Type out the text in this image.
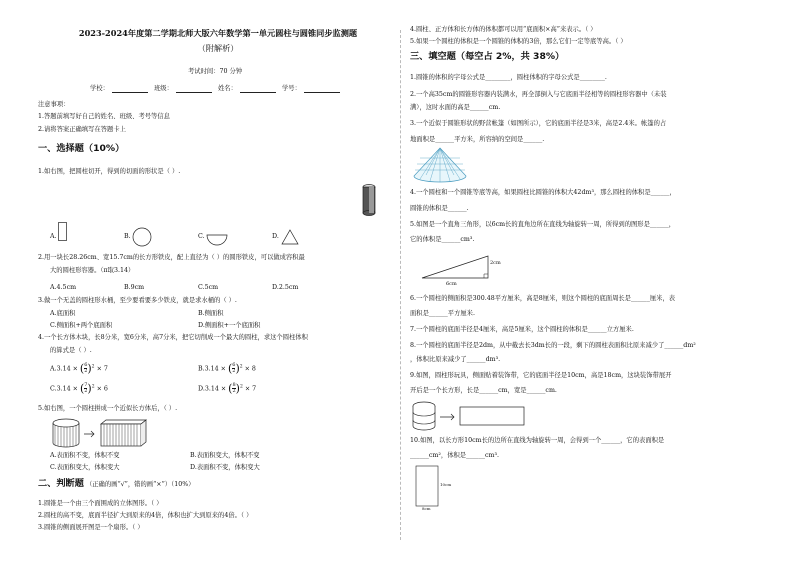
2023-2024年度第二学期北师大版六年数学第一单元圆柱与圆锥同步监测题
（附解析）
考试时间：70 分钟
学校：	班级：	姓名：	学号：
注意事项：
1.答题前填写好自己的姓名、班级、考号等信息
2.请将答案正确填写在答题卡上
一、选择题（10%）
1.如右图，把圆柱切开，得到的切面的形状是（ ）.
A.	B.	C.	D.
2.用一块长28.26cm、宽15.7cm的长方形铁皮，配上直径为（ ）的圆形铁皮，可以做成容积最
大的圆柱形容器。（π取3.14）
A.4.5cm	B.9cm	C.5cm	D.2.5cm
3.做一个无盖的圆柱形水桶，至少要看要多少铁皮，就是求水桶的（ ）.
A.底面积	B.侧面积
C.侧面积+两个底面积	D.侧面积+一个底面积
4.一个长方体木块，长8分米，宽6分米，高7分米，把它切削成一个最大的圆柱，求这个圆柱体积
的算式是（ ）.
A.3.14 × ( $\frac{6}{2} )^2 \times 7$	B.3.14 × ( $\frac{6}{2} )^2 \times 8$
C.3.14 × ( $\frac{7}{2} )^2 \times 6$	D.3.14 × ( $\frac{8}{2} )^2 \times 7$
5.如右图，一个圆柱拼成一个近似长方体后，（ ）.
A.表面积不变，体积不变	B.表面积变大，体积不变
C.表面积变大，体积变大	D.表面积不变，体积变大
二、判断题 （正确的画“√”，错的画“×”）（10%）
1.圆锥是一个由三个面围成的立体图形。（ ）
2.圆柱的高不变，底面半径扩大到原来的4倍，体积也扩大到原来的4倍。（ ）
3.圆锥的侧面展开图是一个扇形。（ ）
4.圆柱、正方体和长方体的体积都可以用“底面积×高”来表示。（ ）
5.如果一个圆柱的体积是一个圆锥的体积的3倍，那么它们一定等底等高。（ ）
三、填空题（每空占 2%，共 38%）
1.圆锥的体积的字母公式是________，圆柱体积的字母公式是________.
2.一个高35cm的圆锥形容器内装满水，再全部倒入与它底面半径相等的圆柱形容器中（未装
满），这时水面的高是______cm.
3.一个近似于圆锥形状的野营帐篷（如图所示），它的底面半径是3米，高是2.4米。帐篷的占
地面积是______平方米，所容纳的空间是______.
4.一个圆柱和一个圆锥等底等高，如果圆柱比圆锥的体积大42dm³，那么圆柱的体积是______，
圆锥的体积是______.
5.如图是一个直角三角形，以6cm长的直角边所在直线为轴旋转一周，所得到的图形是______，
它的体积是______cm³.
2cm
6cm
6.一个圆柱的侧面积是300.48平方厘米，高是8厘米，则这个圆柱的底面周长是______厘米，表
面积是______平方厘米.
7.一个圆柱的底面半径是4厘米，高是5厘米，这个圆柱的体积是______立方厘米.
8.一个圆柱的底面半径是2dm，从中截去长3dm长的一段，剩下的圆柱表面积比原来减少了______dm²
，体积比原来减少了______dm³.
9.如图，圆柱形玩具，侧面贴着装饰带，它的底面半径是10cm，高是18cm，这块装饰带展开
开后是一个长方形，长是______cm，宽是______cm.
10.如图，以长方形10cm长的边所在直线为轴旋转一周，会得到一个______，它的表面积是
______cm²，体积是______cm³.
10cm
8cm
